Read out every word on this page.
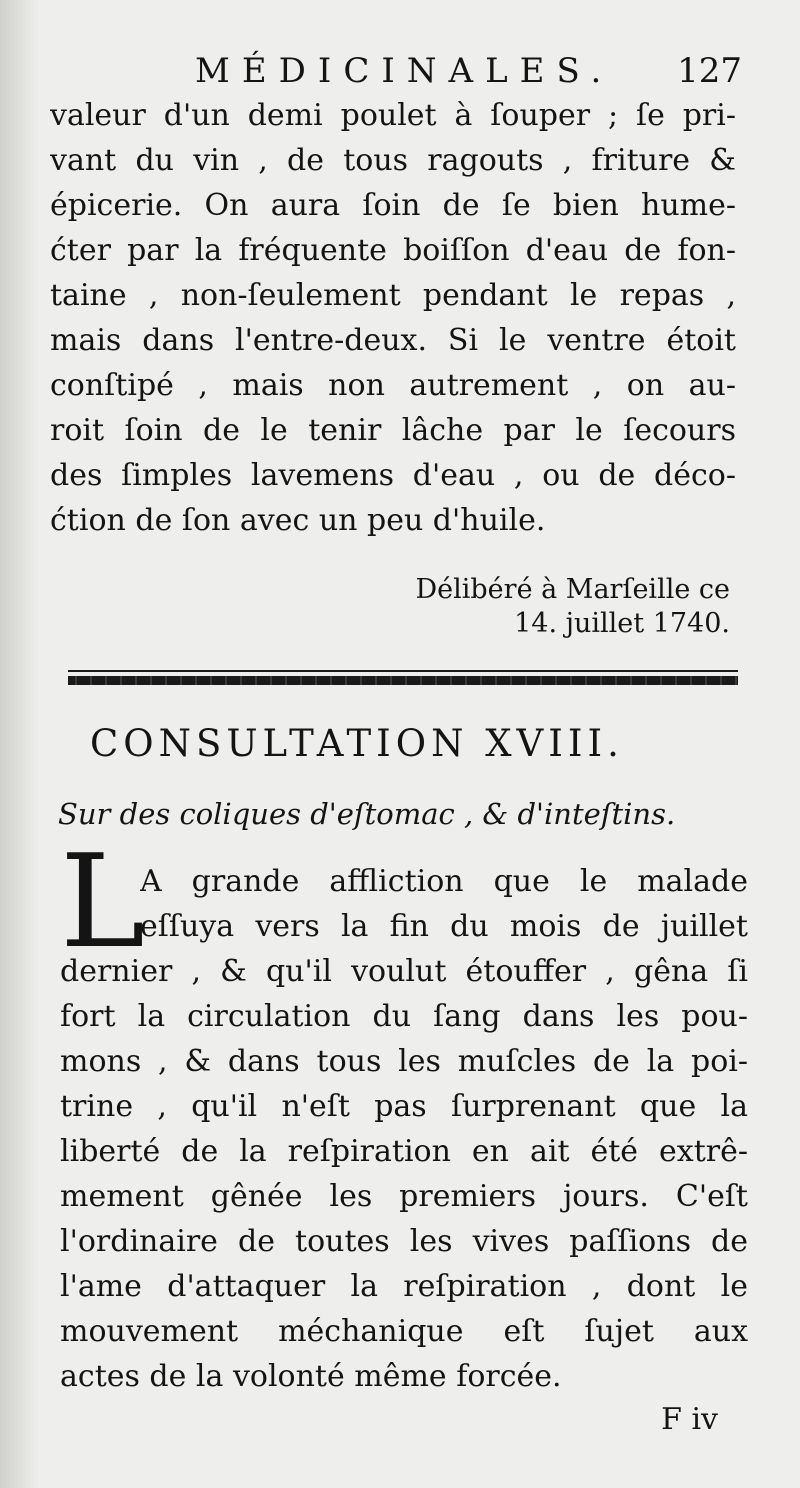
MÉDICINALES. 127
valeur d'un demi poulet à ſouper ; ſe pri-
vant du vin , de tous ragouts , friture &
épicerie. On aura ſoin de ſe bien hume-
ćter par la fréquente boiſſon d'eau de fon-
taine , non-ſeulement pendant le repas ,
mais dans l'entre-deux. Si le ventre étoit
conſtipé , mais non autrement , on au-
roit ſoin de le tenir lâche par le ſecours
des ſimples lavemens d'eau , ou de déco-
ćtion de ſon avec un peu d'huile.
Délibéré à Marſeille ce
14. juillet 1740.
CONSULTATION XVIII.
Sur des coliques d'eſtomac , & d'inteſtins.
L
A grande affliction que le malade
eſſuya vers la fin du mois de juillet
dernier , & qu'il voulut étouffer , gêna ſi
fort la circulation du ſang dans les pou-
mons , & dans tous les muſcles de la poi-
trine , qu'il n'eſt pas ſurprenant que la
liberté de la reſpiration en ait été extrê-
mement gênée les premiers jours. C'eſt
l'ordinaire de toutes les vives paſſions de
l'ame d'attaquer la reſpiration , dont le
mouvement méchanique eſt ſujet aux
actes de la volonté même forcée.
F iv
